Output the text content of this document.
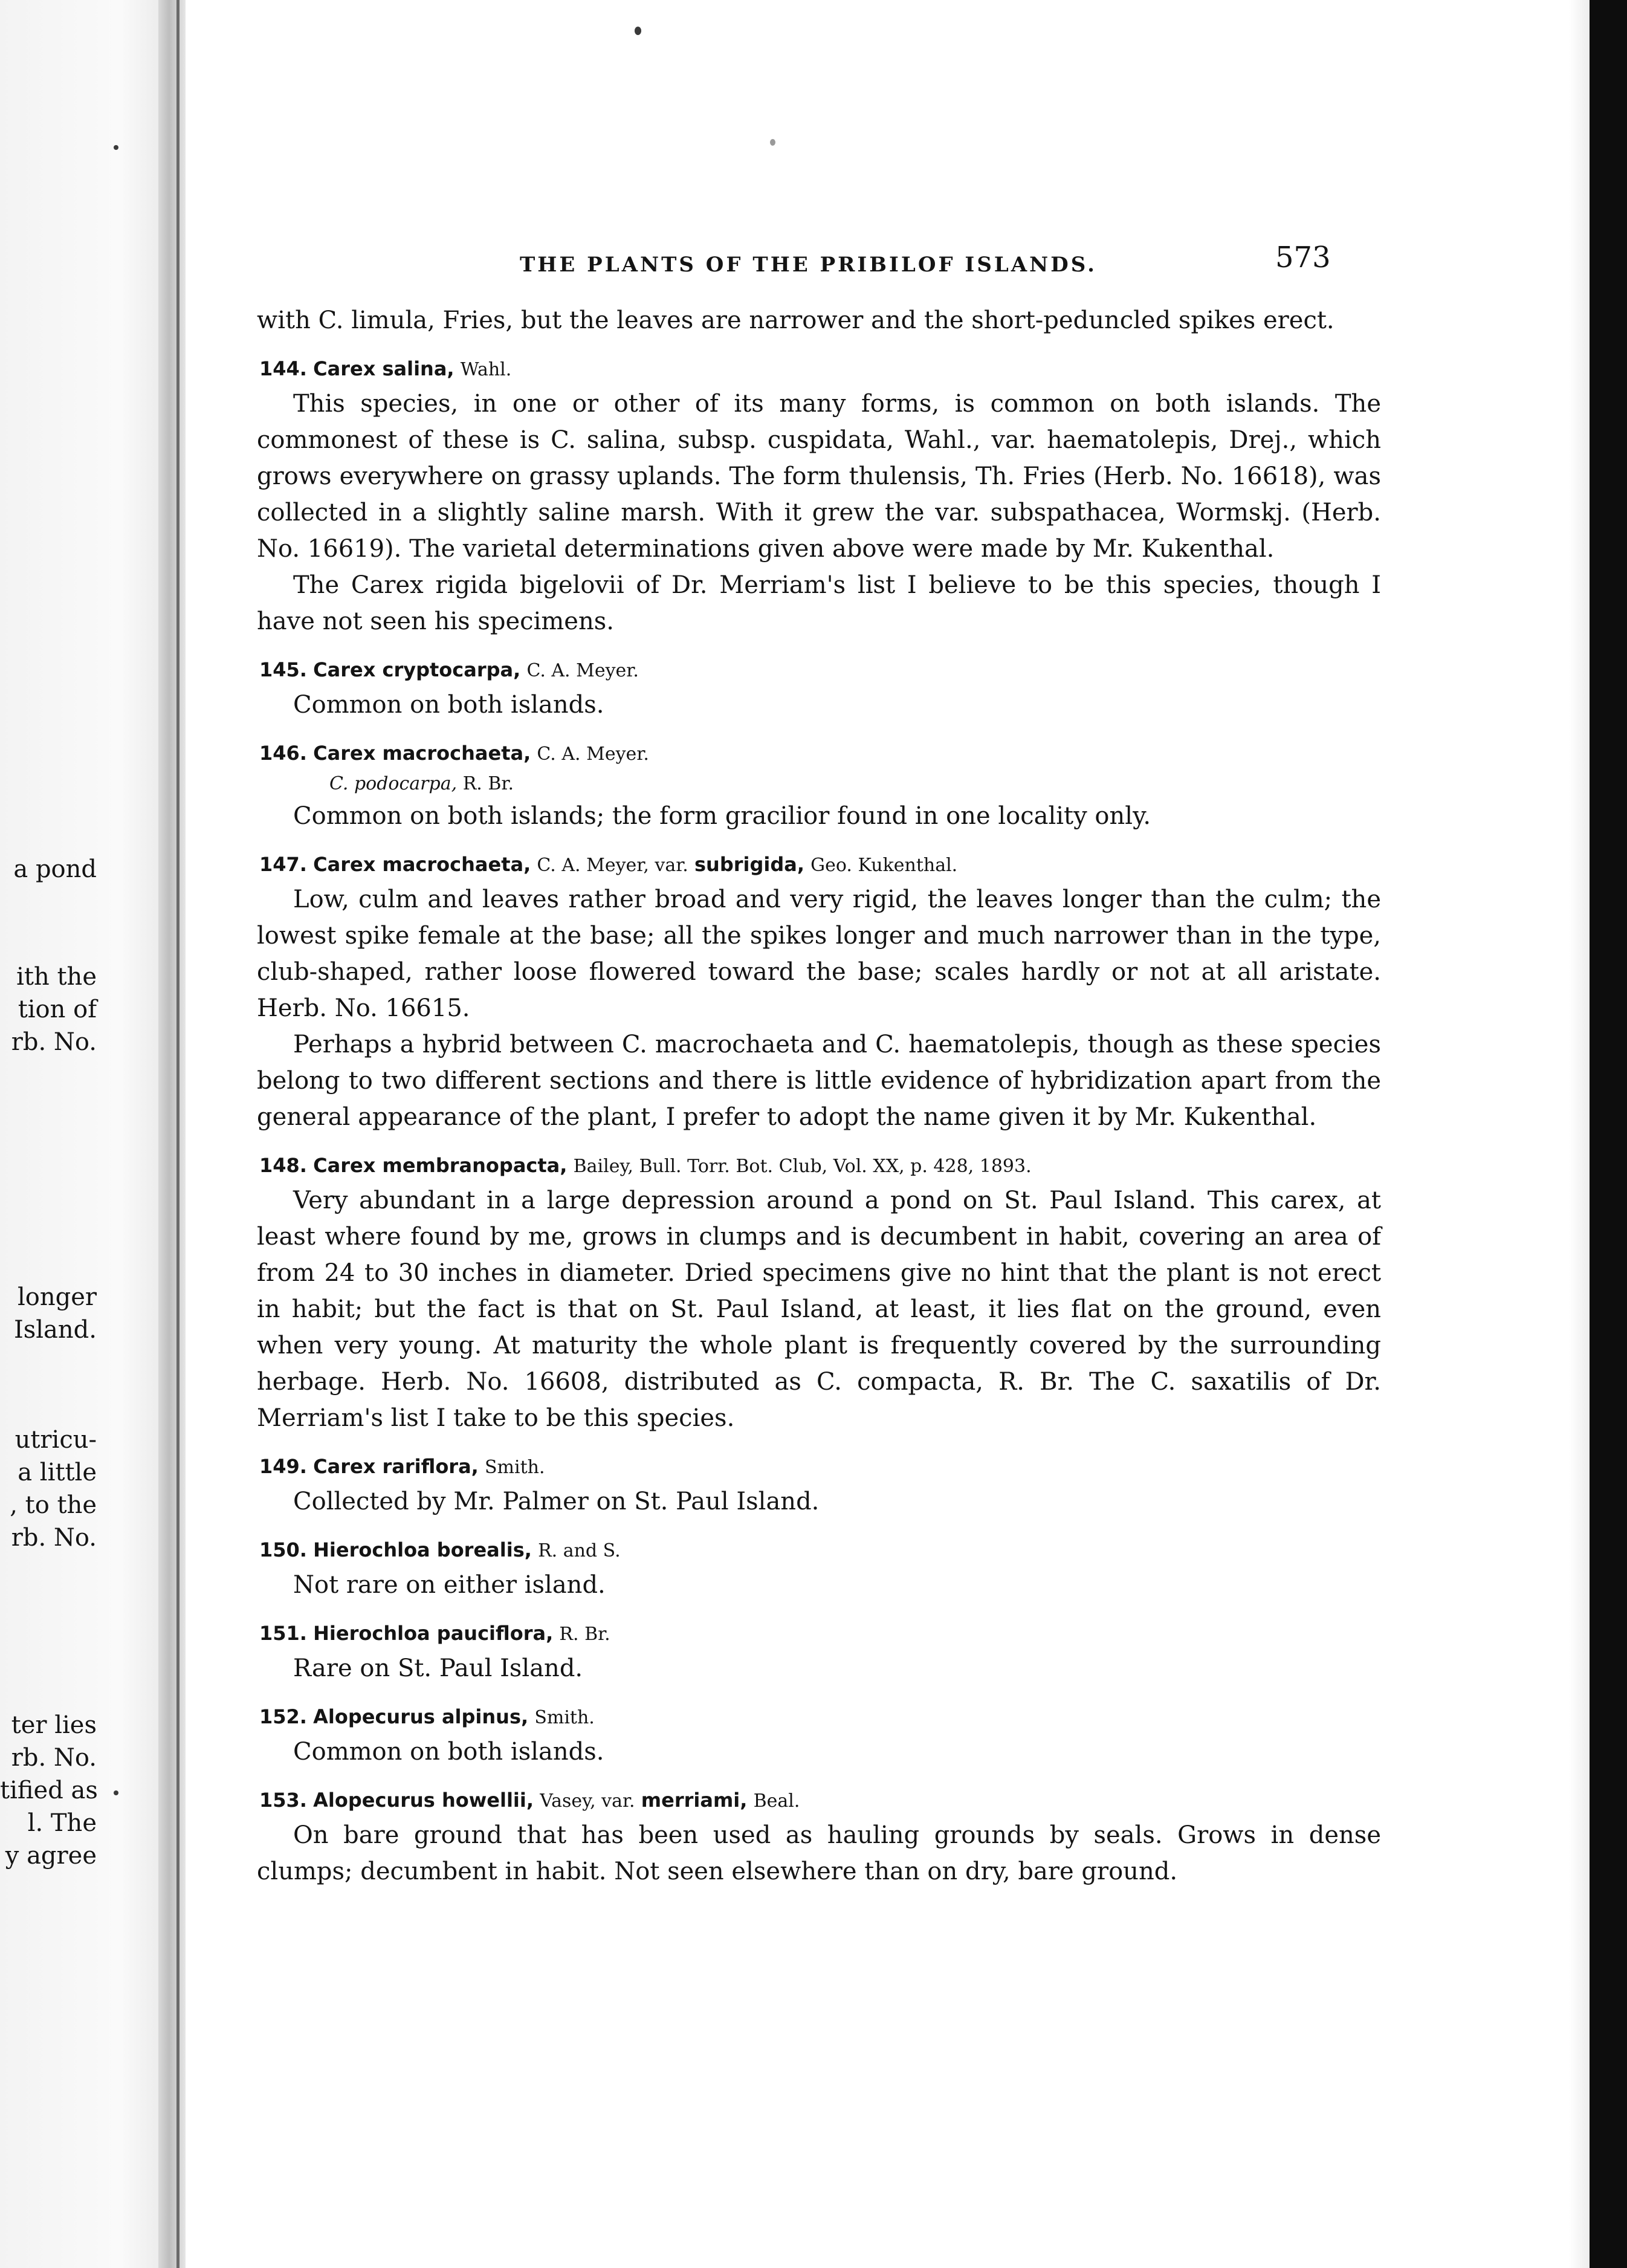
a pond
ith the
tion of
rb. No.
longer
Island.
utricu-
a little
, to the
rb. No.
ter lies
rb. No.
tified as
l. The
y agree
THE PLANTS OF THE PRIBILOF ISLANDS.	573

with C. limula, Fries, but the leaves are narrower and the short-peduncled spikes erect.

144. Carex salina, Wahl.

This species, in one or other of its many forms, is common on both islands. The commonest of these is C. salina, subsp. cuspidata, Wahl., var. haematolepis, Drej., which grows everywhere on grassy uplands. The form thulensis, Th. Fries (Herb. No. 16618), was collected in a slightly saline marsh. With it grew the var. subspathacea, Wormskj. (Herb. No. 16619). The varietal determinations given above were made by Mr. Kukenthal.

The Carex rigida bigelovii of Dr. Merriam's list I believe to be this species, though I have not seen his specimens.

145. Carex cryptocarpa, C. A. Meyer.

Common on both islands.

146. Carex macrochaeta, C. A. Meyer.
C. podocarpa, R. Br.

Common on both islands; the form gracilior found in one locality only.

147. Carex macrochaeta, C. A. Meyer, var. subrigida, Geo. Kukenthal.

Low, culm and leaves rather broad and very rigid, the leaves longer than the culm; the lowest spike female at the base; all the spikes longer and much narrower than in the type, club-shaped, rather loose flowered toward the base; scales hardly or not at all aristate. Herb. No. 16615.

Perhaps a hybrid between C. macrochaeta and C. haematolepis, though as these species belong to two different sections and there is little evidence of hybridization apart from the general appearance of the plant, I prefer to adopt the name given it by Mr. Kukenthal.

148. Carex membranopacta, Bailey, Bull. Torr. Bot. Club, Vol. XX, p. 428, 1893.

Very abundant in a large depression around a pond on St. Paul Island. This carex, at least where found by me, grows in clumps and is decumbent in habit, covering an area of from 24 to 30 inches in diameter. Dried specimens give no hint that the plant is not erect in habit; but the fact is that on St. Paul Island, at least, it lies flat on the ground, even when very young. At maturity the whole plant is frequently covered by the surrounding herbage. Herb. No. 16608, distributed as C. compacta, R. Br. The C. saxatilis of Dr. Merriam's list I take to be this species.

149. Carex rariflora, Smith.

Collected by Mr. Palmer on St. Paul Island.

150. Hierochloa borealis, R. and S.

Not rare on either island.

151. Hierochloa pauciflora, R. Br.

Rare on St. Paul Island.

152. Alopecurus alpinus, Smith.

Common on both islands.

153. Alopecurus howellii, Vasey, var. merriami, Beal.

On bare ground that has been used as hauling grounds by seals. Grows in dense clumps; decumbent in habit. Not seen elsewhere than on dry, bare ground.
